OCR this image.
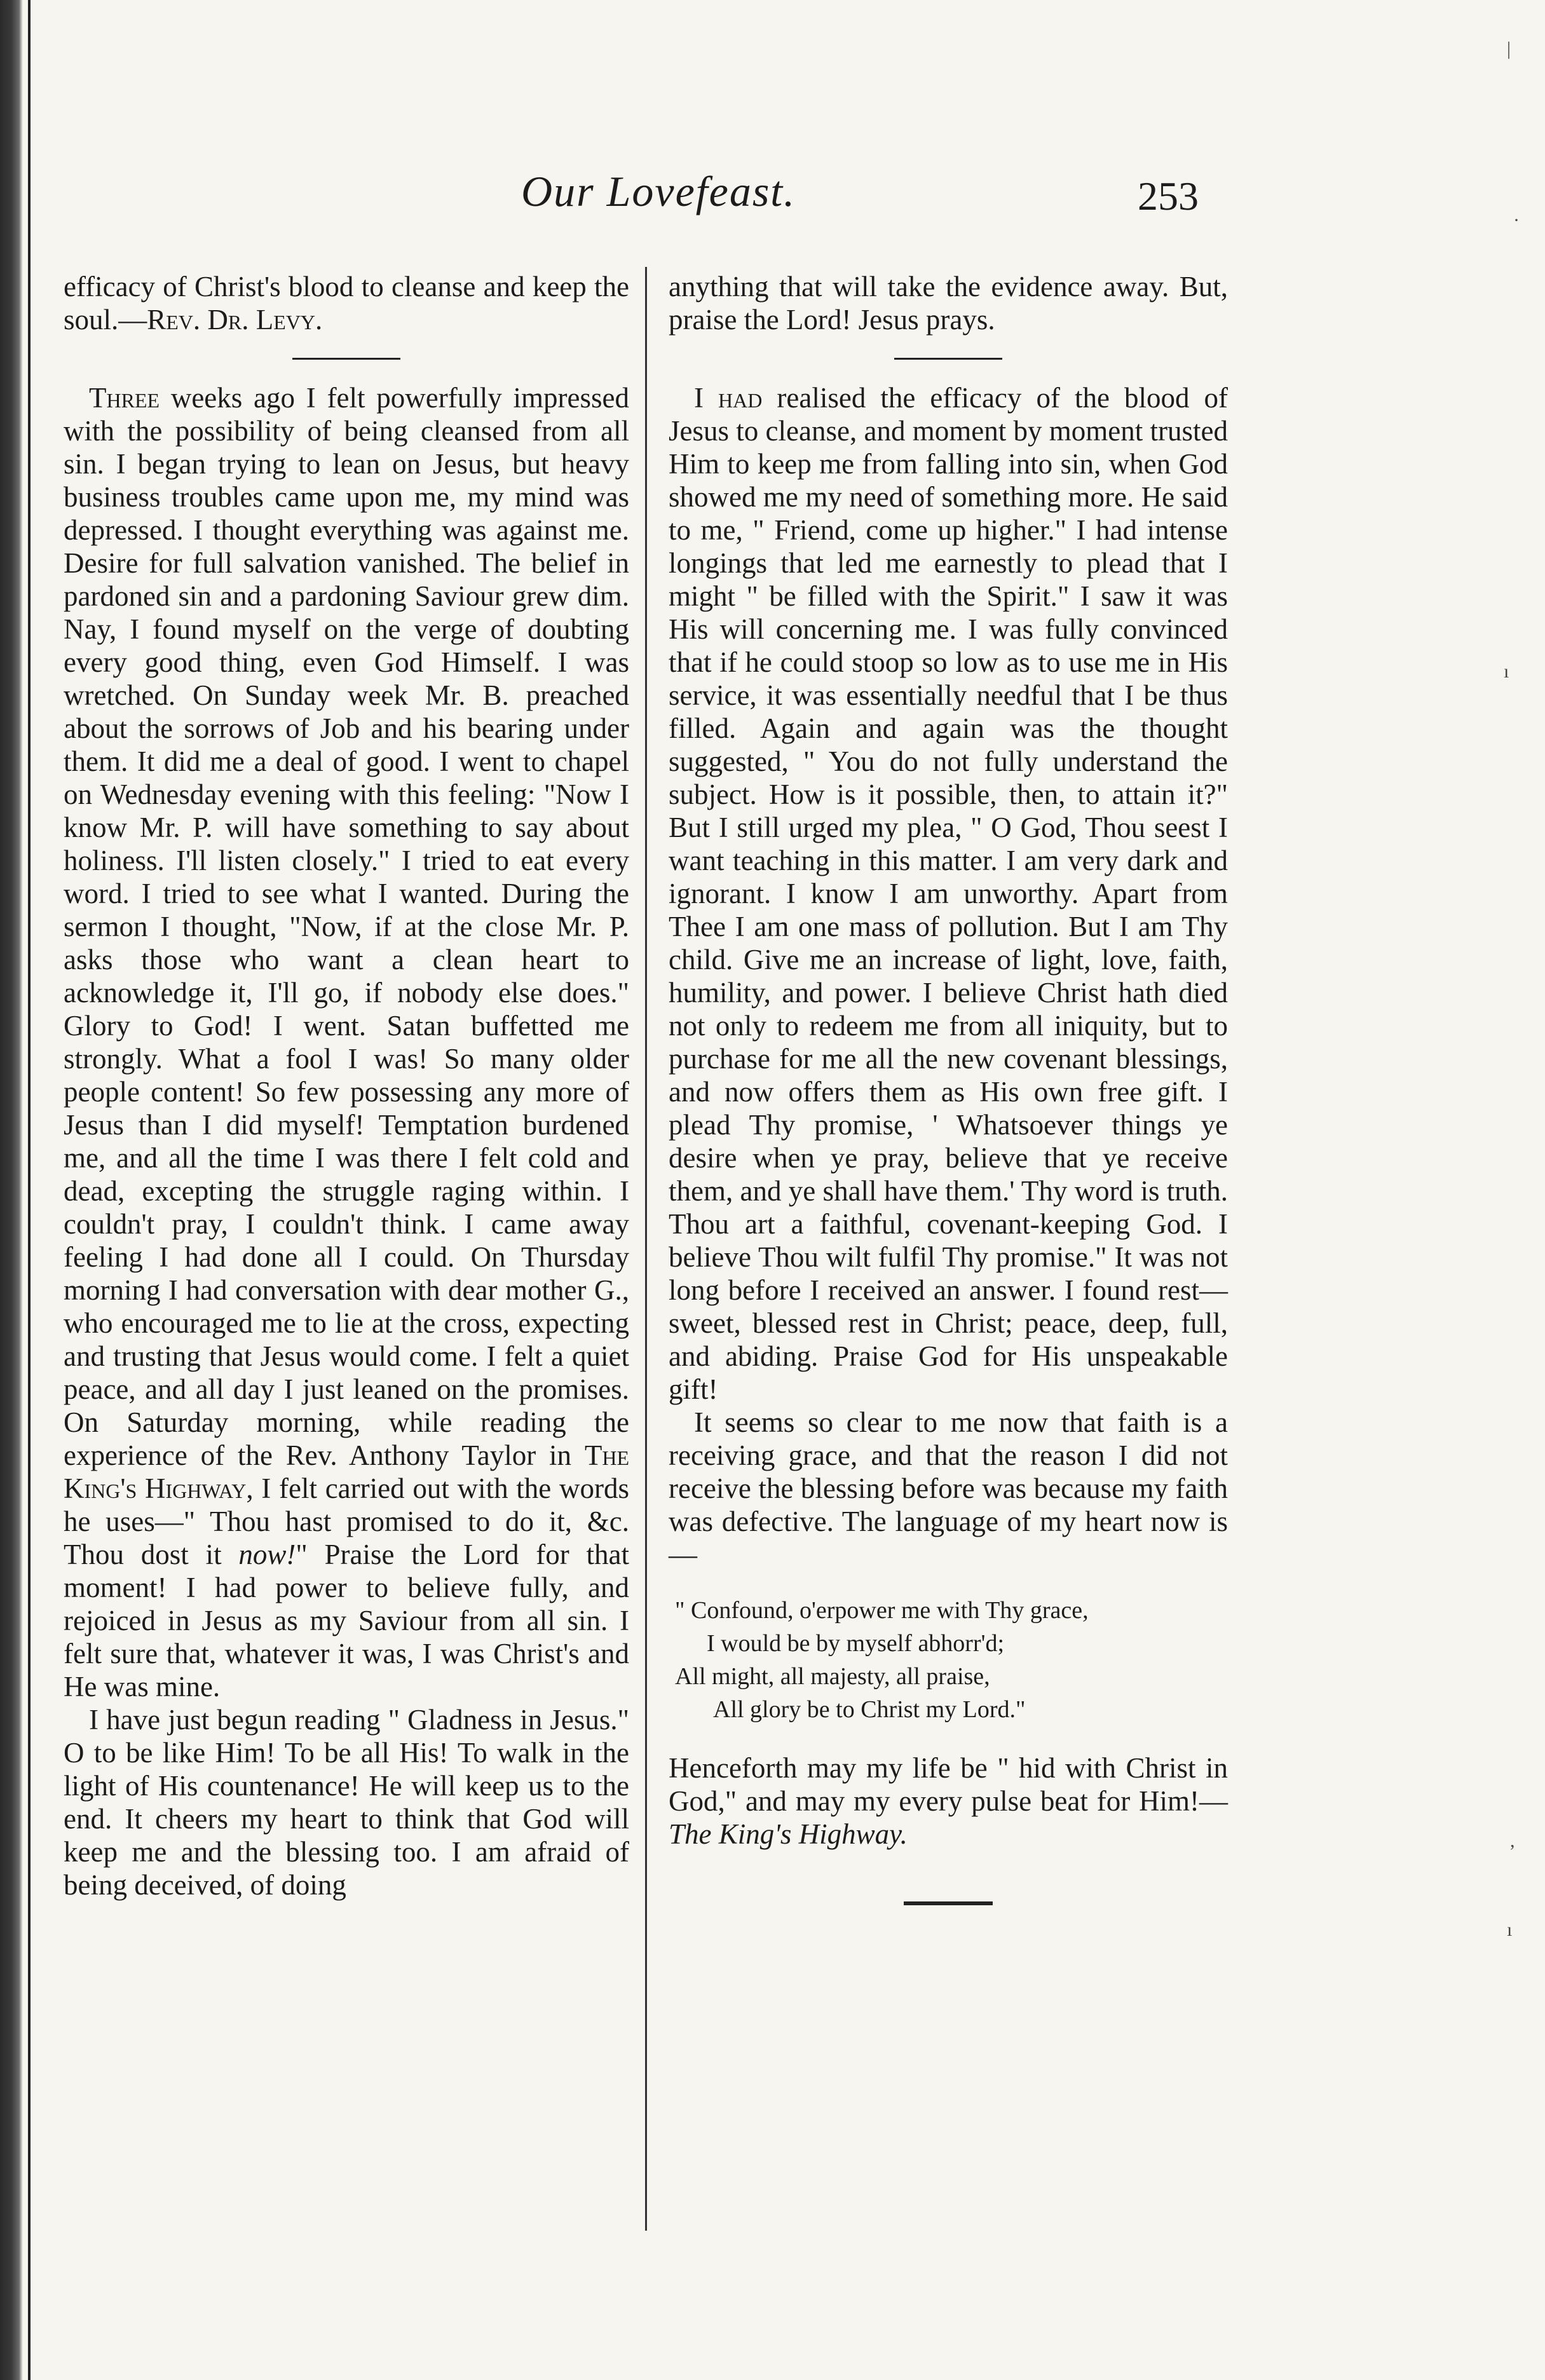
Our Lovefeast.	253

efficacy of Christ's blood to cleanse and keep the soul.—Rev. Dr. Levy.

Three weeks ago I felt powerfully impressed with the possibility of being cleansed from all sin. I began trying to lean on Jesus, but heavy business troubles came upon me, my mind was depressed. I thought everything was against me. Desire for full salvation vanished. The belief in pardoned sin and a pardoning Saviour grew dim. Nay, I found myself on the verge of doubting every good thing, even God Himself. I was wretched. On Sunday week Mr. B. preached about the sorrows of Job and his bearing under them. It did me a deal of good. I went to chapel on Wednesday evening with this feeling: "Now I know Mr. P. will have something to say about holiness. I'll listen closely." I tried to eat every word. I tried to see what I wanted. During the sermon I thought, "Now, if at the close Mr. P. asks those who want a clean heart to acknowledge it, I'll go, if nobody else does." Glory to God! I went. Satan buffetted me strongly. What a fool I was! So many older people content! So few possessing any more of Jesus than I did myself! Temptation burdened me, and all the time I was there I felt cold and dead, excepting the struggle raging within. I couldn't pray, I couldn't think. I came away feeling I had done all I could. On Thursday morning I had conversation with dear mother G., who encouraged me to lie at the cross, expecting and trusting that Jesus would come. I felt a quiet peace, and all day I just leaned on the promises. On Saturday morning, while reading the experience of the Rev. Anthony Taylor in The King's Highway, I felt carried out with the words he uses—" Thou hast promised to do it, &c. Thou dost it now!" Praise the Lord for that moment! I had power to believe fully, and rejoiced in Jesus as my Saviour from all sin. I felt sure that, whatever it was, I was Christ's and He was mine.

I have just begun reading " Gladness in Jesus." O to be like Him! To be all His! To walk in the light of His countenance! He will keep us to the end. It cheers my heart to think that God will keep me and the blessing too. I am afraid of being deceived, of doing

anything that will take the evidence away. But, praise the Lord! Jesus prays.

I had realised the efficacy of the blood of Jesus to cleanse, and moment by moment trusted Him to keep me from falling into sin, when God showed me my need of something more. He said to me, " Friend, come up higher." I had intense longings that led me earnestly to plead that I might " be filled with the Spirit." I saw it was His will concerning me. I was fully convinced that if he could stoop so low as to use me in His service, it was essentially needful that I be thus filled. Again and again was the thought suggested, " You do not fully understand the subject. How is it possible, then, to attain it?" But I still urged my plea, " O God, Thou seest I want teaching in this matter. I am very dark and ignorant. I know I am unworthy. Apart from Thee I am one mass of pollution. But I am Thy child. Give me an increase of light, love, faith, humility, and power. I believe Christ hath died not only to redeem me from all iniquity, but to purchase for me all the new covenant blessings, and now offers them as His own free gift. I plead Thy promise, ' Whatsoever things ye desire when ye pray, believe that ye receive them, and ye shall have them.' Thy word is truth. Thou art a faithful, covenant-keeping God. I believe Thou wilt fulfil Thy promise." It was not long before I received an answer. I found rest—sweet, blessed rest in Christ; peace, deep, full, and abiding. Praise God for His unspeakable gift!

It seems so clear to me now that faith is a receiving grace, and that the reason I did not receive the blessing before was because my faith was defective. The language of my heart now is—

" Confound, o'erpower me with Thy grace,
I would be by myself abhorr'd;
All might, all majesty, all praise,
All glory be to Christ my Lord."

Henceforth may my life be " hid with Christ in God," and may my every pulse beat for Him!—The King's Highway.

|
·
ı
,
ı
